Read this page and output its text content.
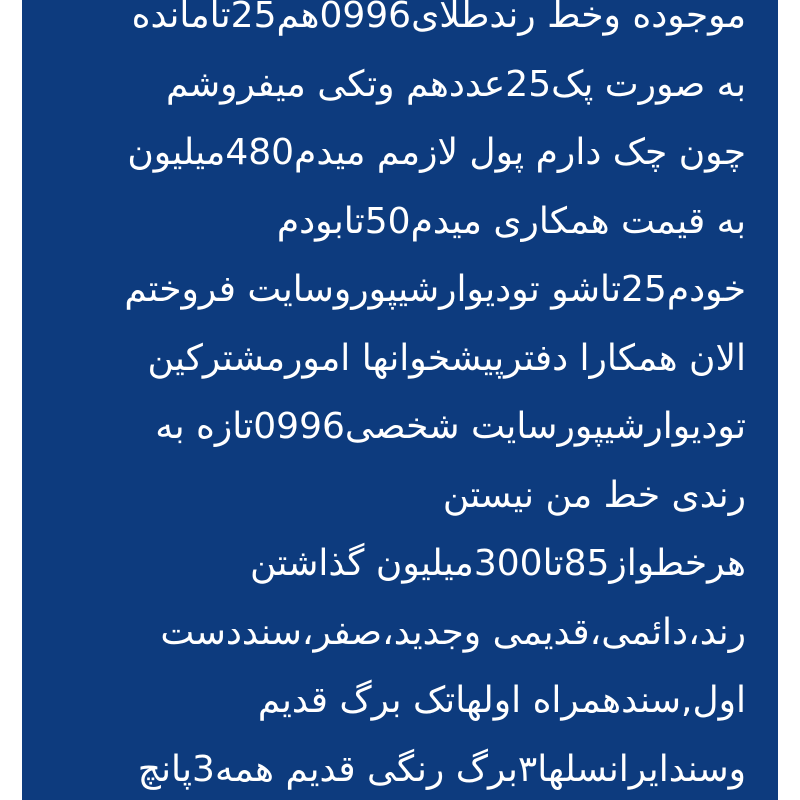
موجوده وخط رندطلای0996هم25تامانده
به صورت پک25عددهم وتکی میفروشم
چون چک دارم پول لازمم میدم480میلیون
به قیمت همکاری میدم50تابودم
خودم25تاشو تودیوارشیپوروسایت فروختم
الان همکارا دفترپیشخوانها امورمشترکین
تودیوارشیپورسایت شخصی0996تازه به
رندی خط من نیستن
هرخطواز85تا300میلیون گذاشتن
رند،دائمی،قدیمی وجدید،صفر،سنددست
اول,سندهمراه اولهاتک برگ قدیم
وسندایرانسلها۳برگ رنگی قدیم همه3پانچ
